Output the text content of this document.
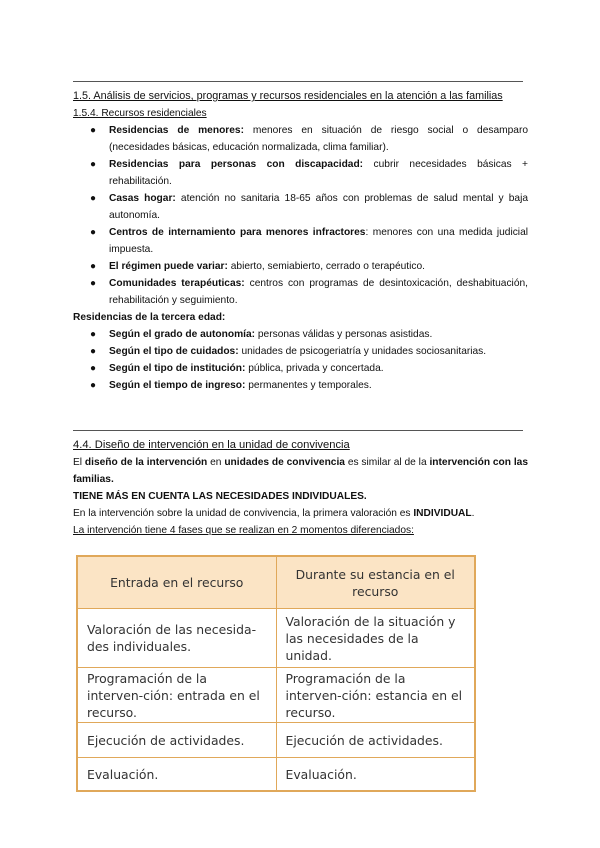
1.5. Análisis de servicios, programas y recursos residenciales en la atención a las familias

1.5.4. Recursos residenciales

● Residencias de menores: menores en situación de riesgo social o desamparo (necesidades básicas, educación normalizada, clima familiar).
● Residencias para personas con discapacidad: cubrir necesidades básicas + rehabilitación.
● Casas hogar: atención no sanitaria 18-65 años con problemas de salud mental y baja autonomía.
● Centros de internamiento para menores infractores: menores con una medida judicial impuesta.
● El régimen puede variar: abierto, semiabierto, cerrado o terapéutico.
● Comunidades terapéuticas: centros con programas de desintoxicación, deshabituación, rehabilitación y seguimiento.

Residencias de la tercera edad:

● Según el grado de autonomía: personas válidas y personas asistidas.
● Según el tipo de cuidados: unidades de psicogeriatría y unidades sociosanitarias.
● Según el tipo de institución: pública, privada y concertada.
● Según el tiempo de ingreso: permanentes y temporales.

4.4. Diseño de intervención en la unidad de convivencia

El diseño de la intervención en unidades de convivencia es similar al de la intervención con las familias.

TIENE MÁS EN CUENTA LAS NECESIDADES INDIVIDUALES.

En la intervención sobre la unidad de convivencia, la primera valoración es INDIVIDUAL.

La intervención tiene 4 fases que se realizan en 2 momentos diferenciados:

Entrada en el recurso	Durante su estancia en el recurso
Valoración de las necesida-des individuales.	Valoración de la situación y las necesidades de la unidad.
Programación de la interven-ción: entrada en el recurso.	Programación de la interven-ción: estancia en el recurso.
Ejecución de actividades.	Ejecución de actividades.
Evaluación.	Evaluación.
